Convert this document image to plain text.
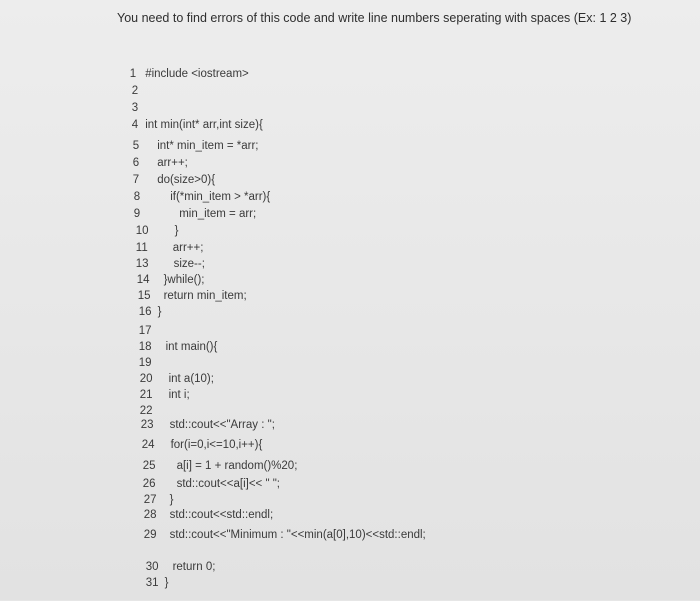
You need to find errors of this code and write line numbers seperating with spaces (Ex: 1 2 3)

1 #include <iostream>

2

3

4 int min(int* arr,int size){

5 int* min_item = *arr;

6 arr++;

7 do(size>0){

8	if(*min_item > *arr){

9	min_item = arr;

10 }

11 arr++;

13 size--;

14 }while();

15 return min_item;

16 }

17

18 int main(){

19

20 int a(10);

21 int i;

22

23 std::cout<<"Array : ";

24 for(i=0,i<=10,i++){

25 a[i] = 1 + random()%20;

26 std::cout<<a[i]<< " ";

27 }

28 std::cout<<std::endl;

29 std::cout<<"Minimum : "<<min(a[0],10)<<std::endl;

30 return 0;

31 }
